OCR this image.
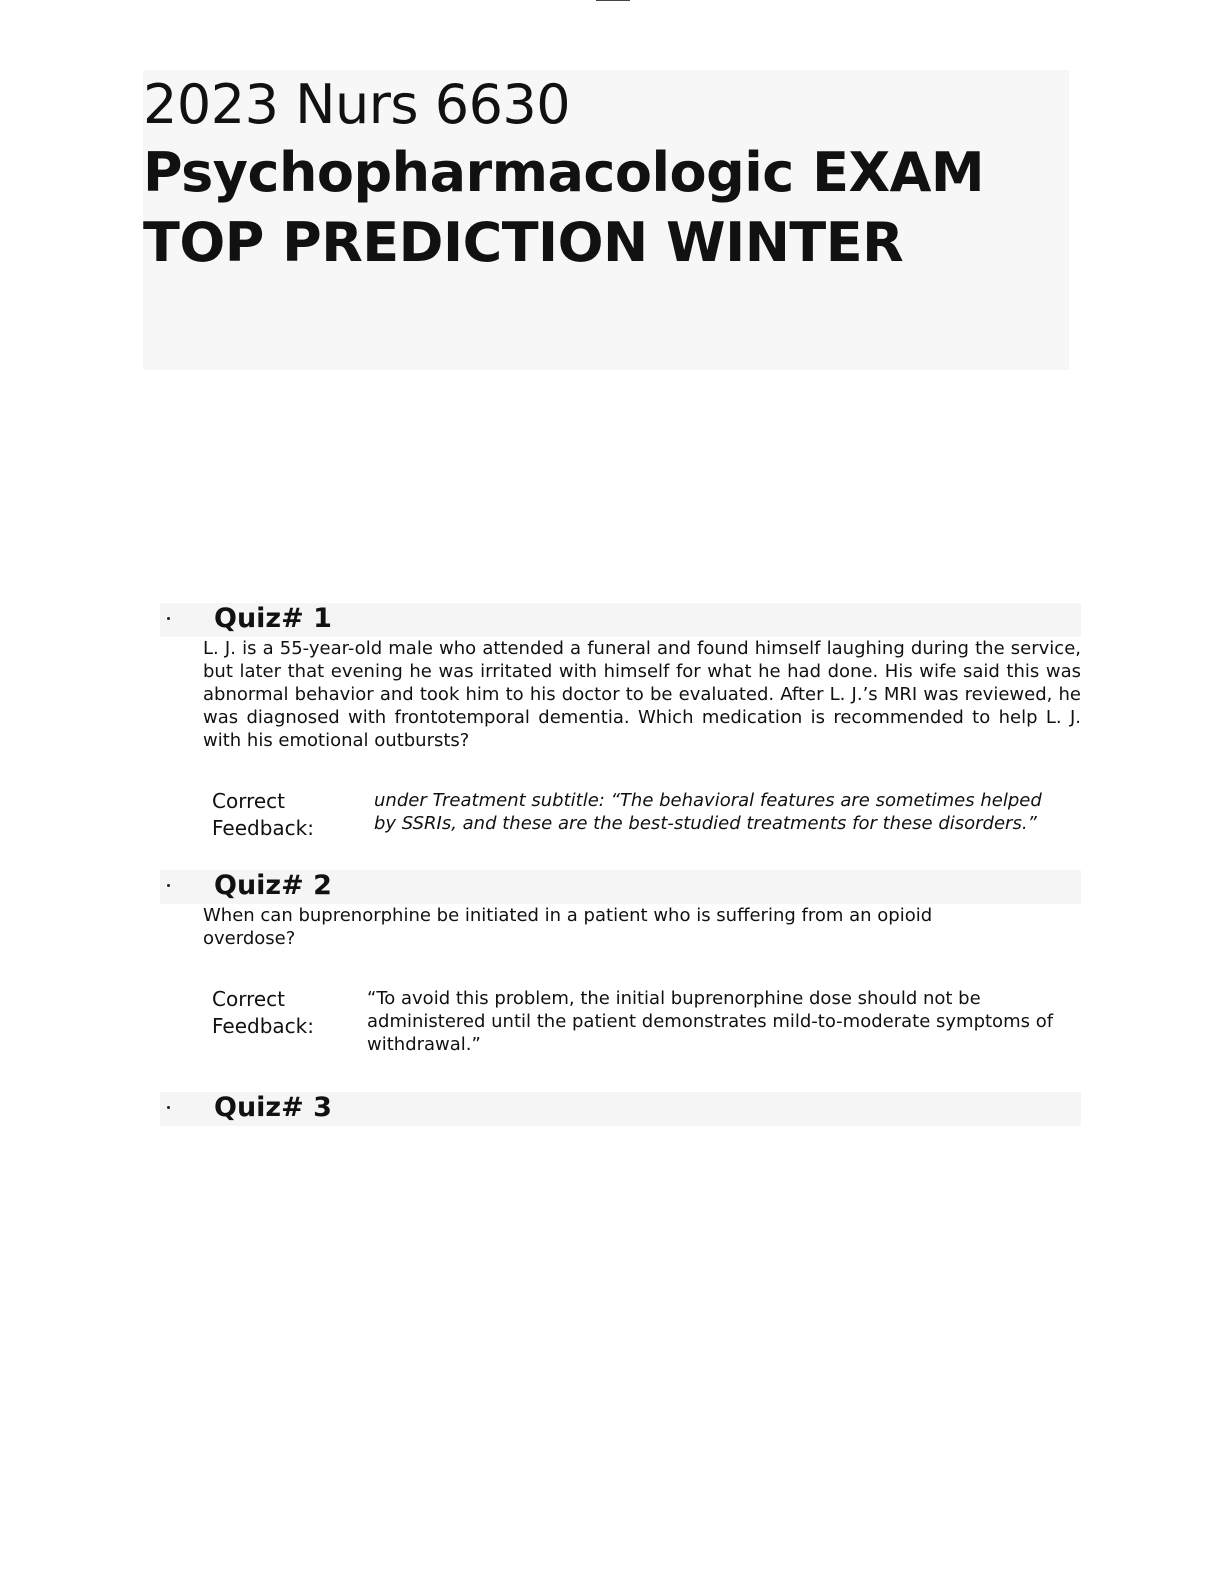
2023 Nurs 6630
Psychopharmacologic EXAM
TOP PREDICTION WINTER
Quiz# 1
L. J. is a 55-year-old male who attended a funeral and found himself laughing during the service, but later that evening he was irritated with himself for what he had done. His wife said this was abnormal behavior and took him to his doctor to be evaluated. After L. J.’s MRI was reviewed, he was diagnosed with frontotemporal dementia. Which medication is recommended to help L. J. with his emotional outbursts?
Correct
Feedback:
under Treatment subtitle: “The behavioral features are sometimes helped by SSRIs, and these are the best-studied treatments for these disorders.”
Quiz# 2
When can buprenorphine be initiated in a patient who is suffering from an opioid overdose?
Correct
Feedback:
“To avoid this problem, the initial buprenorphine dose should not be administered until the patient demonstrates mild-to-moderate symptoms of withdrawal.”
Quiz# 3
